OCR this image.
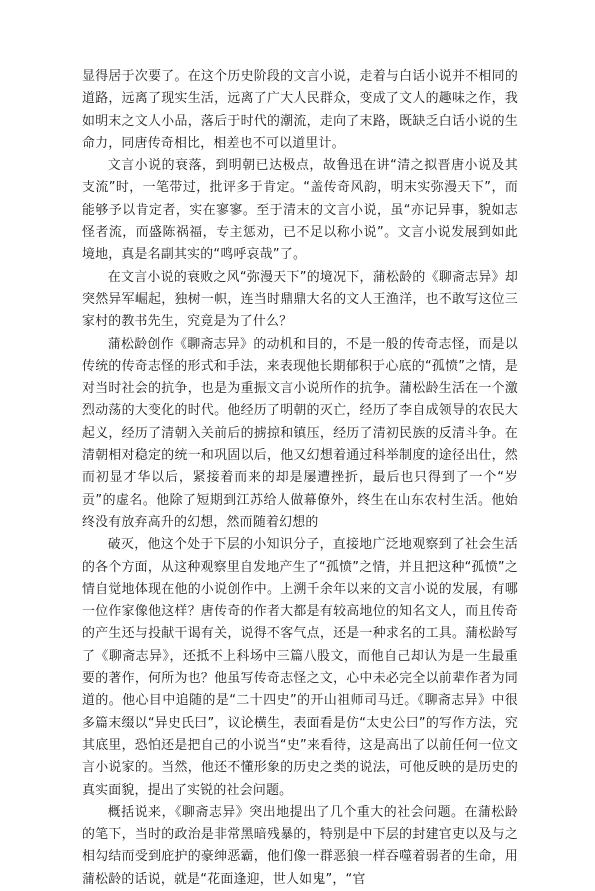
显得居于次要了。在这个历史阶段的文言小说，走着与白话小说并不相同的道路，远离了现实生活，远离了广大人民群众，变成了文人的趣味之作，我如明末之文人小品，落后于时代的潮流，走向了末路，既缺乏白话小说的生命力，同唐传奇相比，相差也不可以道里计。

文言小说的衰落，到明朝已达极点，故鲁迅在讲“清之拟晋唐小说及其支流”时，一笔带过，批评多于肯定。“盖传奇风韵，明末实弥漫天下”，而能够予以肯定者，实在寥寥。至于清末的文言小说，虽“亦记异事，貌如志怪者流，而盛陈祸福，专主惩劝，已不足以称小说”。文言小说发展到如此境地，真是名副其实的“鸣呼哀哉”了。

在文言小说的衰败之风“弥漫天下”的境况下，蒲松龄的《聊斋志异》却突然异军崛起，独树一帜，连当时鼎鼎大名的文人王渔洋，也不敢写这位三家村的教书先生，究竟是为了什么？

蒲松龄创作《聊斋志异》的动机和目的，不是一般的传奇志怪，而是以传统的传奇志怪的形式和手法，来表现他长期郁积于心底的“孤愤”之情，是对当时社会的抗争，也是为重振文言小说所作的抗争。蒲松龄生活在一个激烈动荡的大变化的时代。他经历了明朝的灭亡，经历了李自成领导的农民大起义，经历了清朝入关前后的掳掠和镇压，经历了清初民族的反清斗争。在清朝相对稳定的统一和巩固以后，他又幻想着通过科举制度的途径出仕，然而初显才华以后，紧接着而来的却是屡遭挫折，最后也只得到了一个“岁贡”的虚名。他除了短期到江苏给人做幕僚外，终生在山东农村生活。他始终没有放弃高升的幻想，然而随着幻想的

破灭，他这个处于下层的小知识分子，直接地广泛地观察到了社会生活的各个方面，从这种观察里自发地产生了“孤愤”之情，并且把这种“孤愤”之情自觉地体现在他的小说创作中。上溯千余年以来的文言小说的发展，有哪一位作家像他这样？唐传奇的作者大都是有较高地位的知名文人，而且传奇的产生还与投献干谒有关，说得不客气点，还是一种求名的工具。蒲松龄写了《聊斋志异》，还抵不上科场中三篇八股文，而他自己却认为是一生最重要的著作，何所为也？他虽写传奇志怪之文，心中未必完全以前辈作者为同道的。他心目中追随的是“二十四史”的开山祖师司马迁。《聊斋志异》中很多篇末缀以“异史氏曰”，议论横生，表面看是仿“太史公曰”的写作方法，究其底里，恐怕还是把自己的小说当“史”来看待，这是高出了以前任何一位文言小说家的。当然，他还不懂形象的历史之类的说法，可他反映的是历史的真实面貌，提出了实锐的社会问题。

概括说来，《聊斋志异》突出地提出了几个重大的社会问题。在蒲松龄的笔下，当时的政治是非常黑暗残暴的，特别是中下层的封建官吏以及与之相勾结而受到庇护的豪绅恶霸，他们像一群恶狼一样吞噬着弱者的生命，用蒲松龄的话说，就是“花面逢迎，世人如鬼”，“官
